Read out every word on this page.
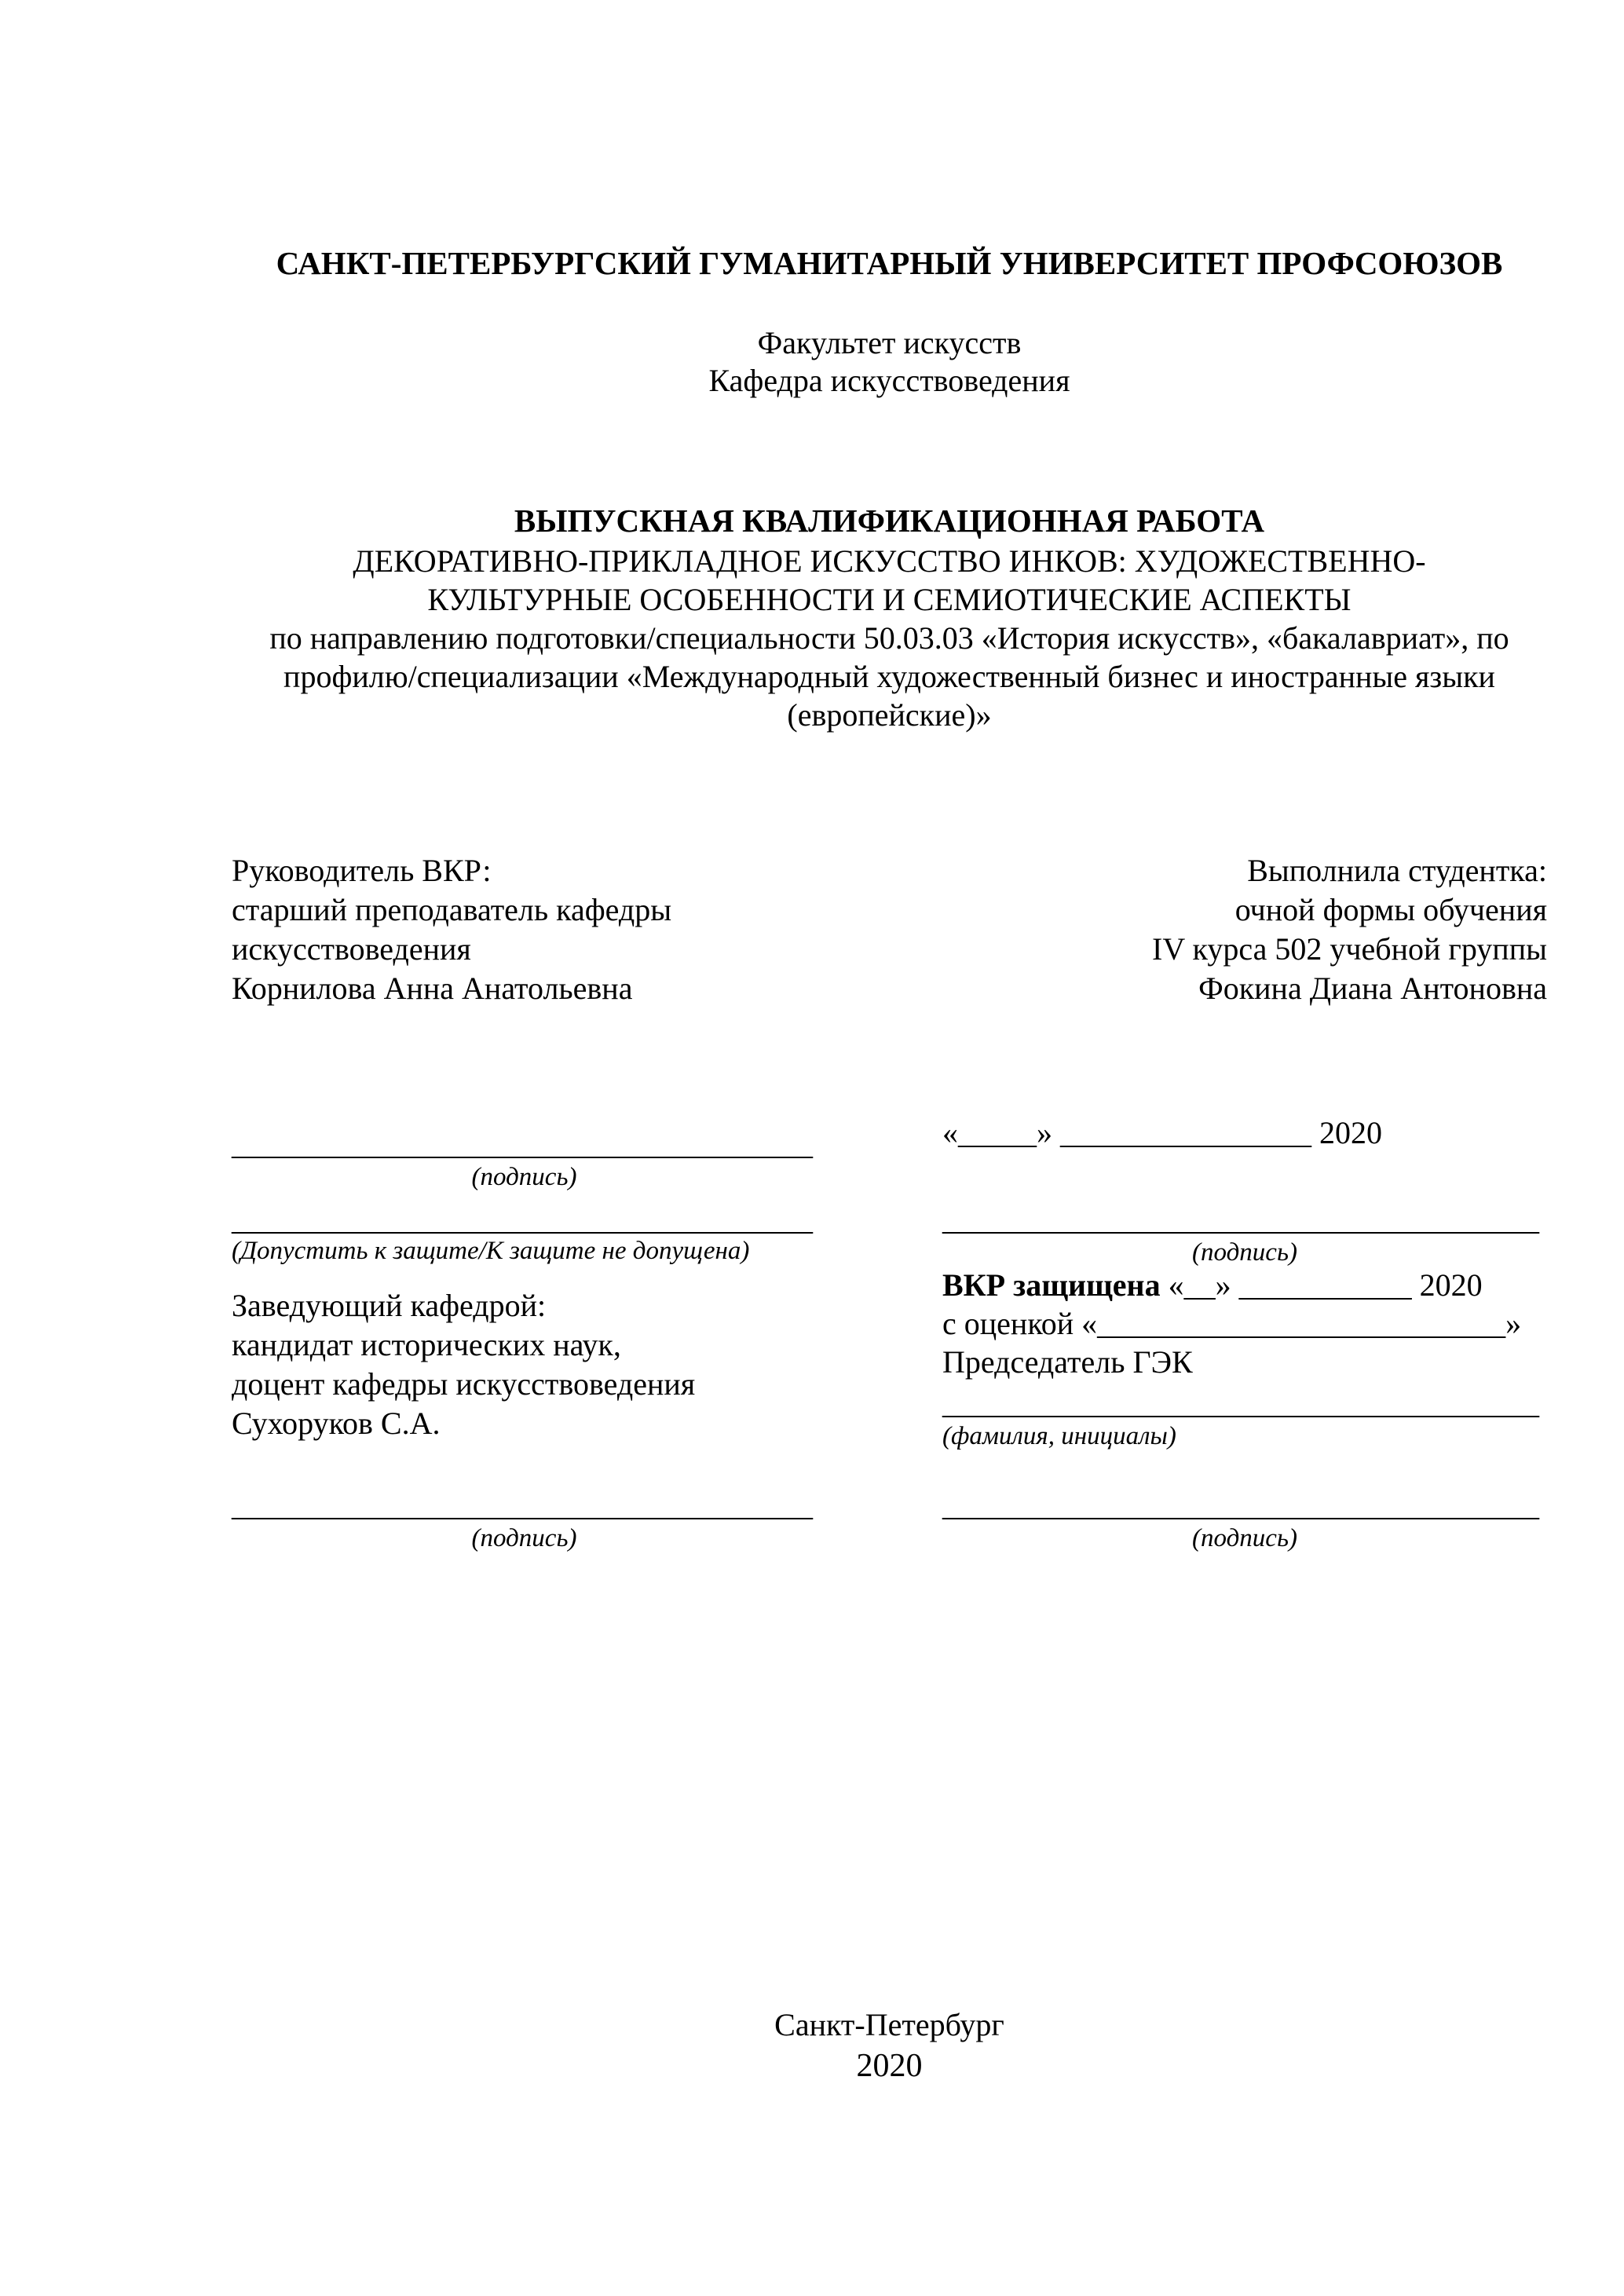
САНКТ-ПЕТЕРБУРГСКИЙ ГУМАНИТАРНЫЙ УНИВЕРСИТЕТ ПРОФСОЮЗОВ
Факультет искусств
Кафедра искусствоведения
ВЫПУСКНАЯ КВАЛИФИКАЦИОННАЯ РАБОТА
ДЕКОРАТИВНО-ПРИКЛАДНОЕ ИСКУССТВО ИНКОВ: ХУДОЖЕСТВЕННО-КУЛЬТУРНЫЕ ОСОБЕННОСТИ И СЕМИОТИЧЕСКИЕ АСПЕКТЫ
по направлению подготовки/специальности 50.03.03 «История искусств», «бакалавриат», по профилю/специализации «Международный художественный бизнес и иностранные языки (европейские)»
Руководитель ВКР:
старший преподаватель кафедры
искусствоведения
Корнилова Анна Анатольевна
Выполнила студентка:
очной формы обучения
IV курса 502 учебной группы
Фокина Диана Антоновна
_____________________________________
(подпись)
_____________________________________
(Допустить к защите/К защите не допущена)
Заведующий кафедрой:
кандидат исторических наук,
доцент кафедры искусствоведения
Сухоруков С.А.
_____________________________________
(подпись)
«_____» ________________ 2020
______________________________________
(подпись)
ВКР защищена «__» ___________ 2020
с оценкой «__________________________»
Председатель ГЭК
______________________________________
(фамилия, инициалы)
______________________________________
(подпись)
Санкт-Петербург
2020
